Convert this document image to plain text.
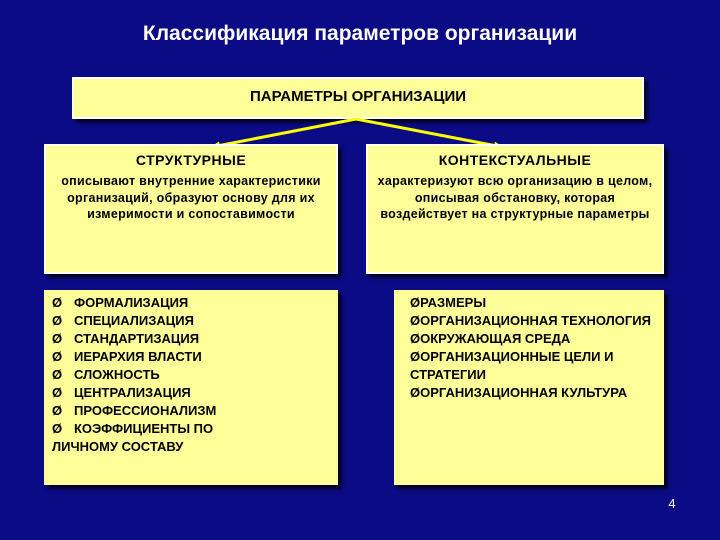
Классификация параметров организации
ПАРАМЕТРЫ ОРГАНИЗАЦИИ
СТРУКТУРНЫЕ
описывают внутренние характеристики организаций, образуют основу для их измеримости и сопоставимости
КОНТЕКСТУАЛЬНЫЕ
характеризуют всю организацию в целом, описывая обстановку, которая воздействует на структурные параметры
Ø ФОРМАЛИЗАЦИЯ
Ø СПЕЦИАЛИЗАЦИЯ
Ø СТАНДАРТИЗАЦИЯ
Ø ИЕРАРХИЯ ВЛАСТИ
Ø СЛОЖНОСТЬ
Ø ЦЕНТРАЛИЗАЦИЯ
Ø ПРОФЕССИОНАЛИЗМ
Ø КОЭФФИЦИЕНТЫ ПО
ЛИЧНОМУ СОСТАВУ
ØРАЗМЕРЫ
ØОРГАНИЗАЦИОННАЯ ТЕХНОЛОГИЯ
ØОКРУЖАЮЩАЯ СРЕДА
ØОРГАНИЗАЦИОННЫЕ ЦЕЛИ И СТРАТЕГИИ
ØОРГАНИЗАЦИОННАЯ КУЛЬТУРА
4
